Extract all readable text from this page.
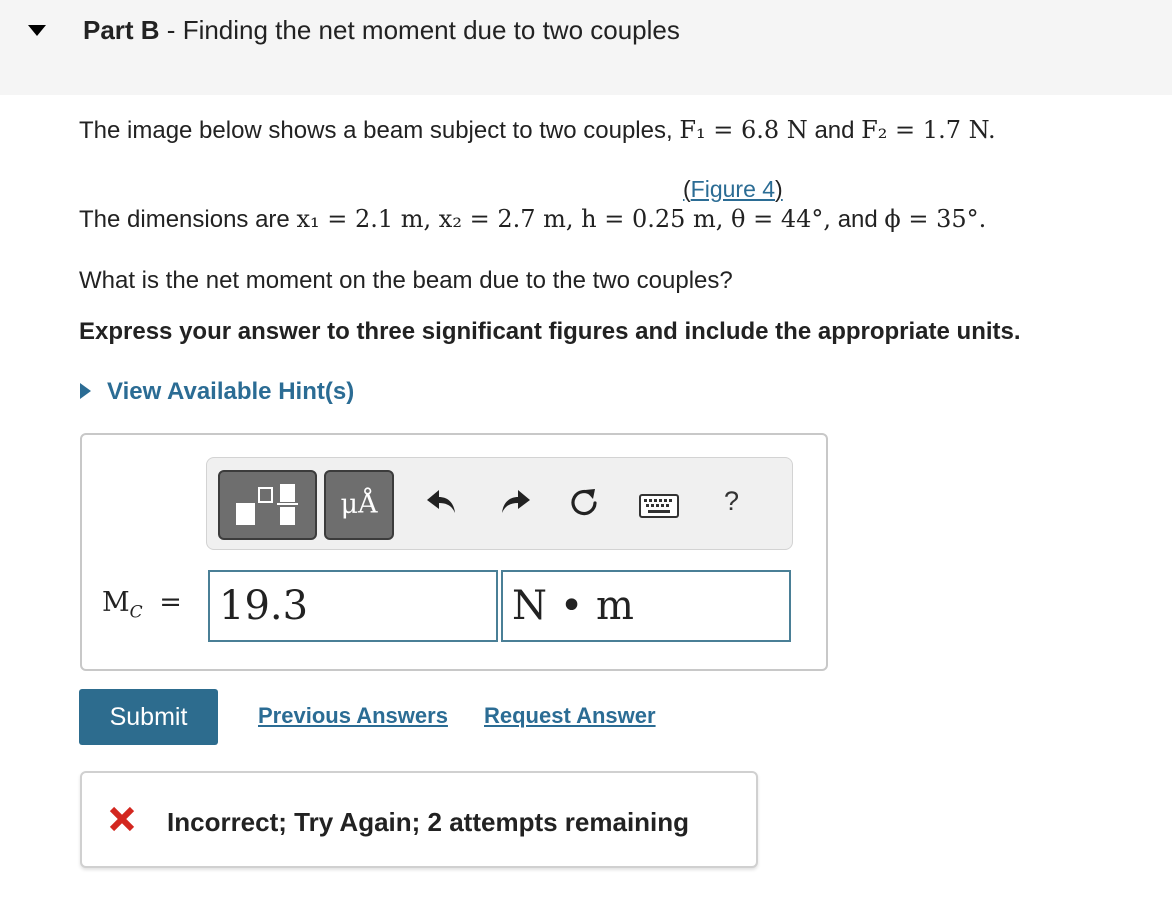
Part B - Finding the net moment due to two couples
The image below shows a beam subject to two couples, F₁ = 6.8 N and F₂ = 1.7 N.
(Figure 4)
The dimensions are x₁ = 2.1 m, x₂ = 2.7 m, h = 0.25 m, θ = 44°, and ϕ = 35°.
What is the net moment on the beam due to the two couples?
Express your answer to three significant figures and include the appropriate units.
View Available Hint(s)
μÅ	?
$M_C = 19.3$	N • m
Submit	Previous Answers Request Answer
Incorrect; Try Again; 2 attempts remaining
